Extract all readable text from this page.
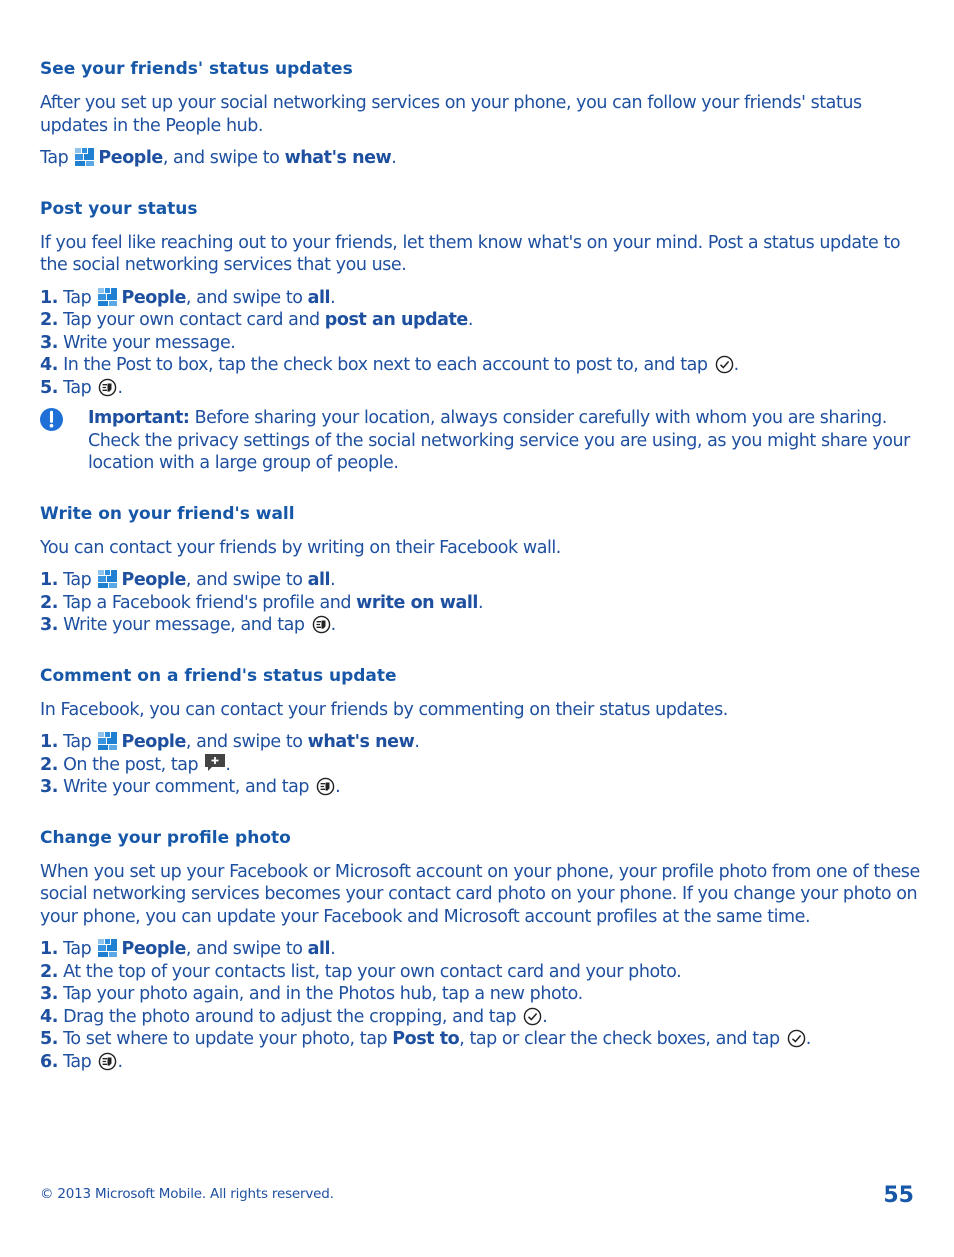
See your friends' status updates

After you set up your social networking services on your phone, you can follow your friends' status updates in the People hub.

Tap People, and swipe to what's new.

Post your status

If you feel like reaching out to your friends, let them know what's on your mind. Post a status update to the social networking services that you use.

1. Tap People, and swipe to all.
2. Tap your own contact card and post an update.
3. Write your message.
4. In the Post to box, tap the check box next to each account to post to, and tap .
5. Tap .
Important: Before sharing your location, always consider carefully with whom you are sharing. Check the privacy settings of the social networking service you are using, as you might share your location with a large group of people.
Write on your friend's wall

You can contact your friends by writing on their Facebook wall.

1. Tap People, and swipe to all.
2. Tap a Facebook friend's profile and write on wall.
3. Write your message, and tap .
Comment on a friend's status update

In Facebook, you can contact your friends by commenting on their status updates.

1. Tap People, and swipe to what's new.
2. On the post, tap .
3. Write your comment, and tap .
Change your profile photo

When you set up your Facebook or Microsoft account on your phone, your profile photo from one of these social networking services becomes your contact card photo on your phone. If you change your photo on your phone, you can update your Facebook and Microsoft account profiles at the same time.

1. Tap People, and swipe to all.
2. At the top of your contacts list, tap your own contact card and your photo.
3. Tap your photo again, and in the Photos hub, tap a new photo.
4. Drag the photo around to adjust the cropping, and tap .
5. To set where to update your photo, tap Post to, tap or clear the check boxes, and tap .
6. Tap .
© 2013 Microsoft Mobile. All rights reserved.	55
